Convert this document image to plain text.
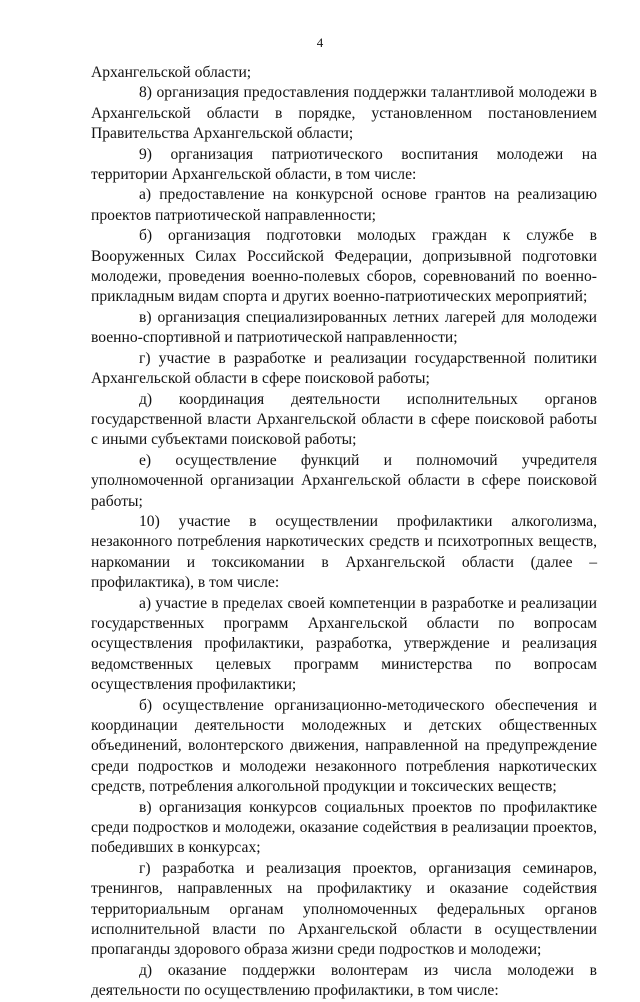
4

Архангельской области;

8) организация предоставления поддержки талантливой молодежи в Архангельской области в порядке, установленном постановлением Правительства Архангельской области;

9) организация патриотического воспитания молодежи на территории Архангельской области, в том числе:

а) предоставление на конкурсной основе грантов на реализацию проектов патриотической направленности;

б) организация подготовки молодых граждан к службе в Вооруженных Силах Российской Федерации, допризывной подготовки молодежи, проведения военно-полевых сборов, соревнований по военно-прикладным видам спорта и других военно-патриотических мероприятий;

в) организация специализированных летних лагерей для молодежи военно-спортивной и патриотической направленности;

г) участие в разработке и реализации государственной политики Архангельской области в сфере поисковой работы;

д) координация деятельности исполнительных органов государственной власти Архангельской области в сфере поисковой работы с иными субъектами поисковой работы;

е) осуществление функций и полномочий учредителя уполномоченной организации Архангельской области в сфере поисковой работы;

10) участие в осуществлении профилактики алкоголизма, незаконного потребления наркотических средств и психотропных веществ, наркомании и токсикомании в Архангельской области (далее – профилактика), в том числе:

а) участие в пределах своей компетенции в разработке и реализации государственных программ Архангельской области по вопросам осуществления профилактики, разработка, утверждение и реализация ведомственных целевых программ министерства по вопросам осуществления профилактики;

б) осуществление организационно-методического обеспечения и координации деятельности молодежных и детских общественных объединений, волонтерского движения, направленной на предупреждение среди подростков и молодежи незаконного потребления наркотических средств, потребления алкогольной продукции и токсических веществ;

в) организация конкурсов социальных проектов по профилактике среди подростков и молодежи, оказание содействия в реализации проектов, победивших в конкурсах;

г) разработка и реализация проектов, организация семинаров, тренингов, направленных на профилактику и оказание содействия территориальным органам уполномоченных федеральных органов исполнительной власти по Архангельской области в осуществлении пропаганды здорового образа жизни среди подростков и молодежи;

д) оказание поддержки волонтерам из числа молодежи в деятельности по осуществлению профилактики, в том числе:
